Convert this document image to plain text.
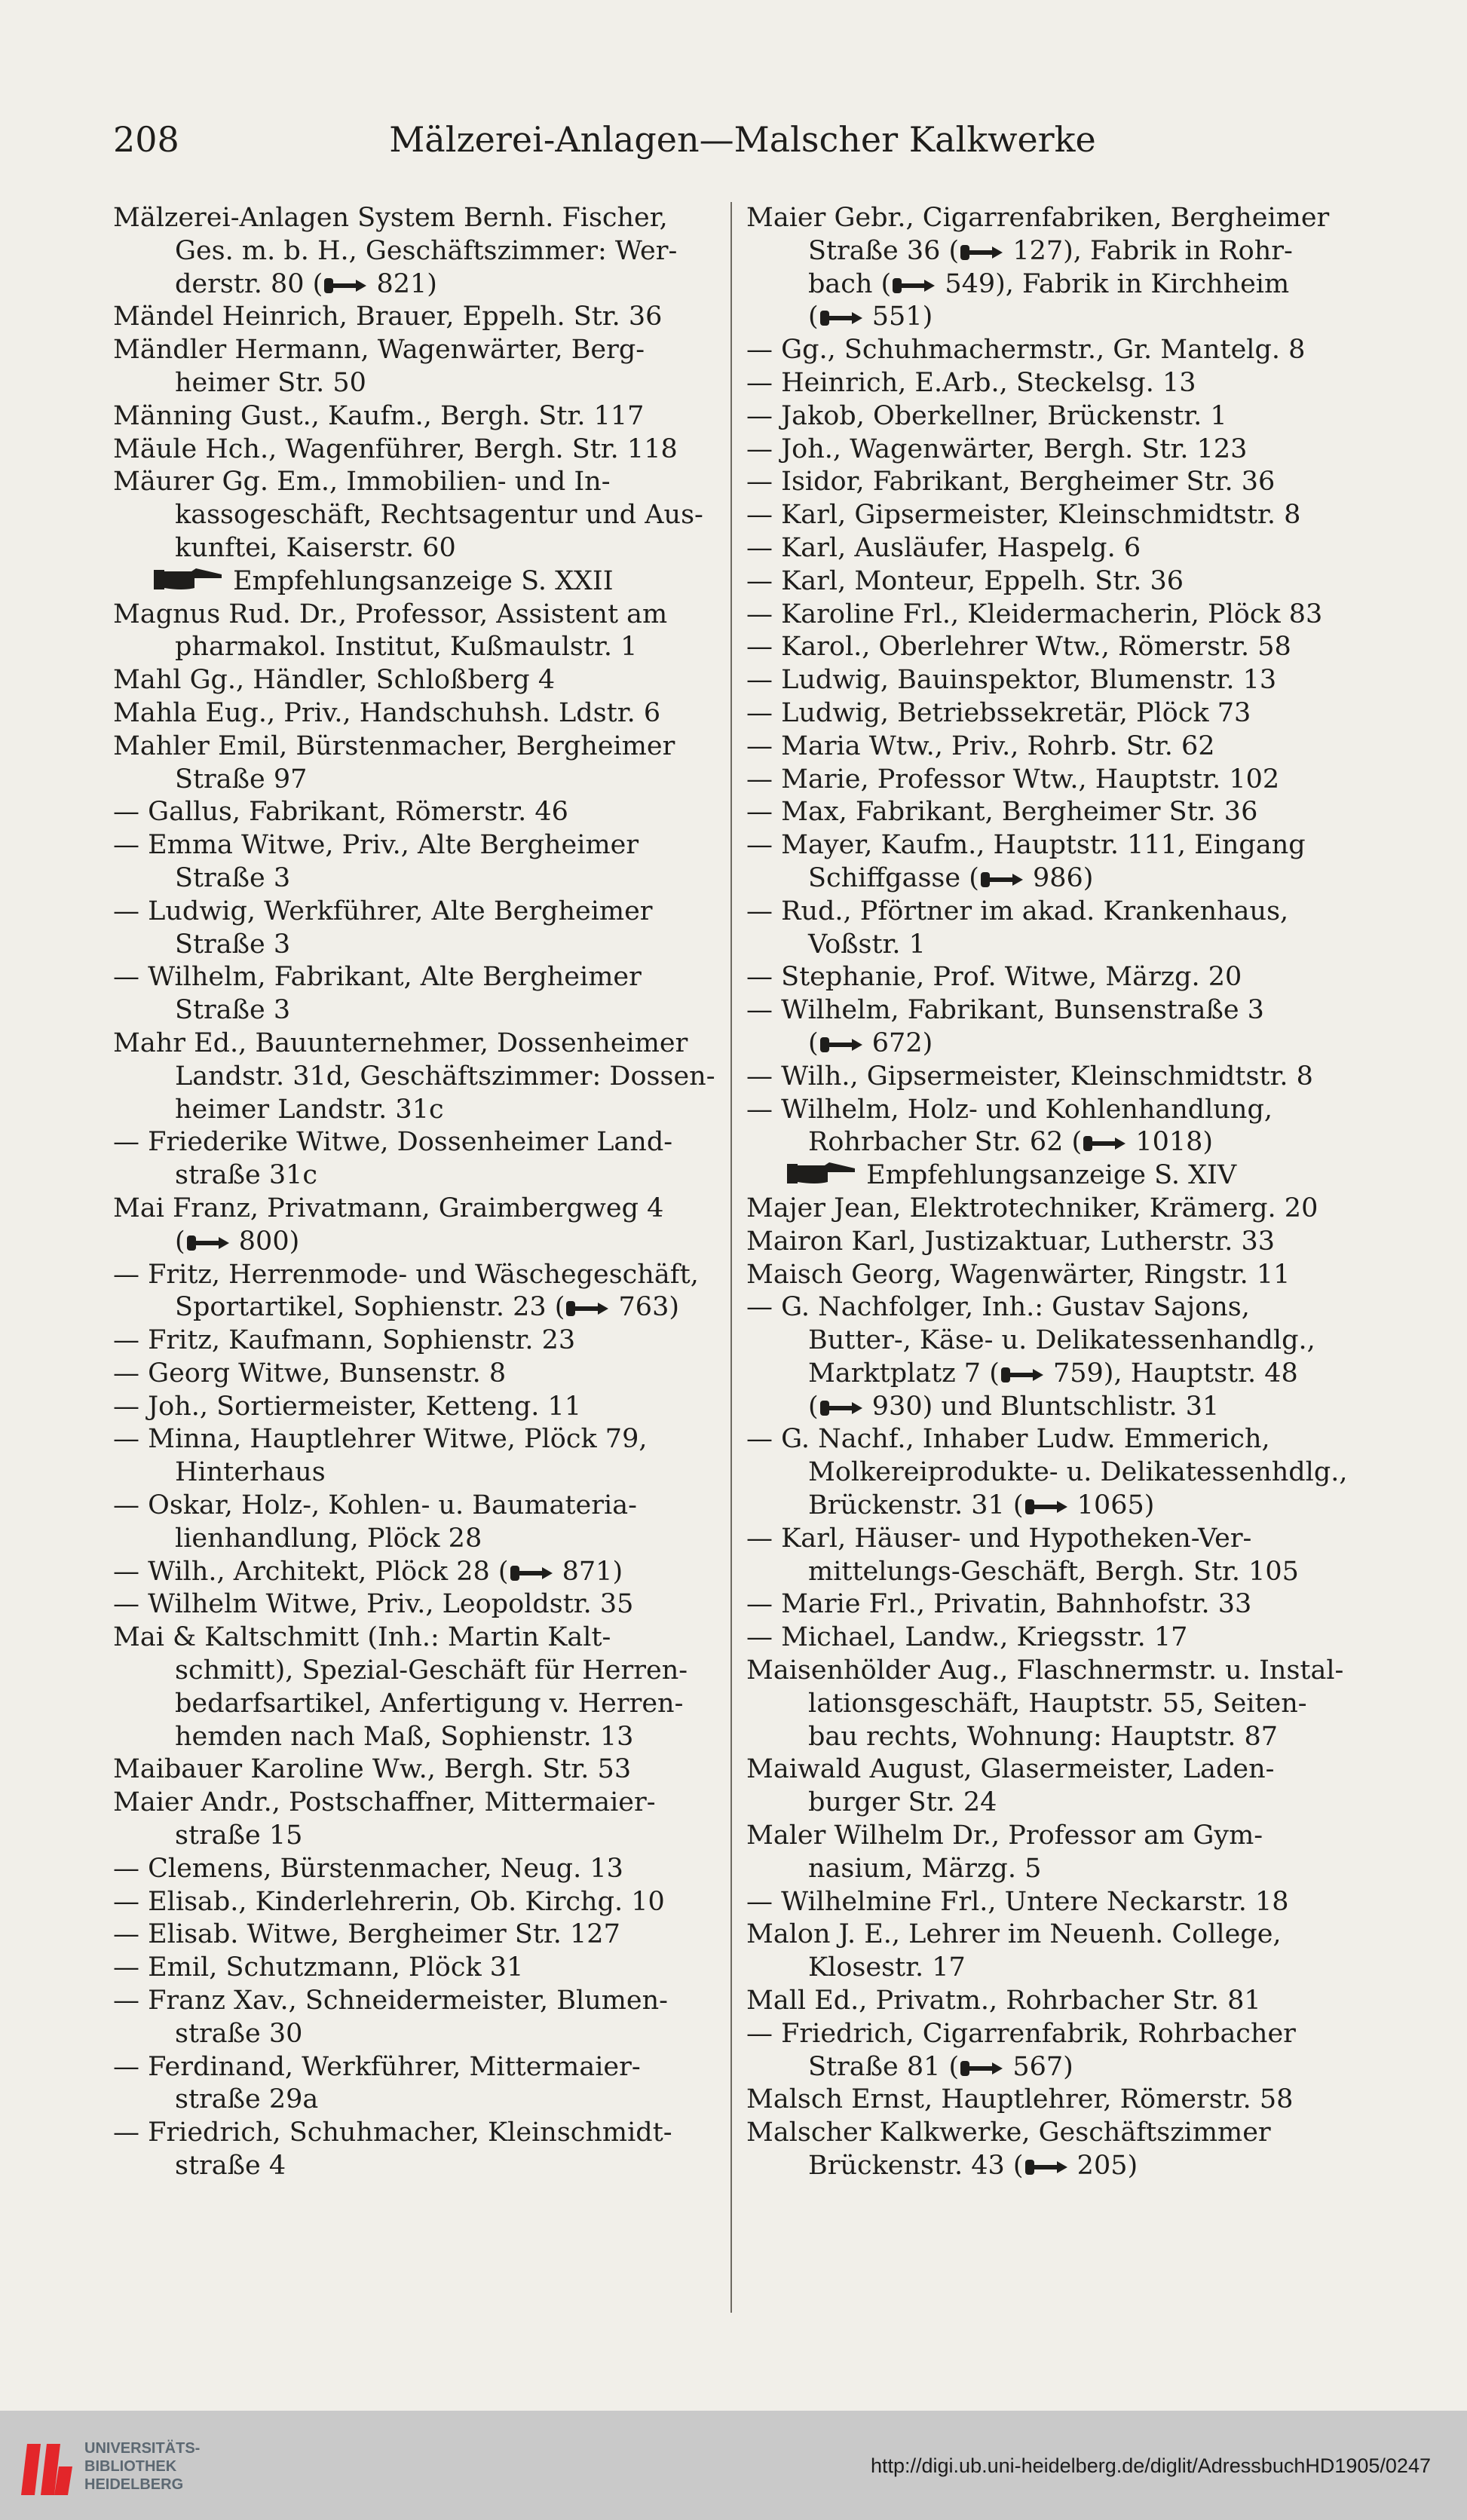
208	Mälzerei-Anlagen—Malscher Kalkwerke
Mälzerei-Anlagen System Bernh. Fischer,
Ges. m. b. H., Geschäftszimmer: Wer-
derstr. 80 ( 821)
Mändel Heinrich, Brauer, Eppelh. Str. 36
Mändler Hermann, Wagenwärter, Berg-
heimer Str. 50
Männing Gust., Kaufm., Bergh. Str. 117
Mäule Hch., Wagenführer, Bergh. Str. 118
Mäurer Gg. Em., Immobilien- und In-
kassogeschäft, Rechtsagentur und Aus-
kunftei, Kaiserstr. 60
Empfehlungsanzeige S. XXII
Magnus Rud. Dr., Professor, Assistent am
pharmakol. Institut, Kußmaulstr. 1
Mahl Gg., Händler, Schloßberg 4
Mahla Eug., Priv., Handschuhsh. Ldstr. 6
Mahler Emil, Bürstenmacher, Bergheimer
Straße 97
— Gallus, Fabrikant, Römerstr. 46
— Emma Witwe, Priv., Alte Bergheimer
Straße 3
— Ludwig, Werkführer, Alte Bergheimer
Straße 3
— Wilhelm, Fabrikant, Alte Bergheimer
Straße 3
Mahr Ed., Bauunternehmer, Dossenheimer
Landstr. 31d, Geschäftszimmer: Dossen-
heimer Landstr. 31c
— Friederike Witwe, Dossenheimer Land-
straße 31c
Mai Franz, Privatmann, Graimbergweg 4
( 800)
— Fritz, Herrenmode- und Wäschegeschäft,
Sportartikel, Sophienstr. 23 ( 763)
— Fritz, Kaufmann, Sophienstr. 23
— Georg Witwe, Bunsenstr. 8
— Joh., Sortiermeister, Ketteng. 11
— Minna, Hauptlehrer Witwe, Plöck 79,
Hinterhaus
— Oskar, Holz-, Kohlen- u. Baumateria-
lienhandlung, Plöck 28
— Wilh., Architekt, Plöck 28 ( 871)
— Wilhelm Witwe, Priv., Leopoldstr. 35
Mai & Kaltschmitt (Inh.: Martin Kalt-
schmitt), Spezial-Geschäft für Herren-
bedarfsartikel, Anfertigung v. Herren-
hemden nach Maß, Sophienstr. 13
Maibauer Karoline Ww., Bergh. Str. 53
Maier Andr., Postschaffner, Mittermaier-
straße 15
— Clemens, Bürstenmacher, Neug. 13
— Elisab., Kinderlehrerin, Ob. Kirchg. 10
— Elisab. Witwe, Bergheimer Str. 127
— Emil, Schutzmann, Plöck 31
— Franz Xav., Schneidermeister, Blumen-
straße 30
— Ferdinand, Werkführer, Mittermaier-
straße 29a
— Friedrich, Schuhmacher, Kleinschmidt-
straße 4
Maier Gebr., Cigarrenfabriken, Bergheimer
Straße 36 ( 127), Fabrik in Rohr-
bach ( 549), Fabrik in Kirchheim
( 551)
— Gg., Schuhmachermstr., Gr. Mantelg. 8
— Heinrich, E.Arb., Steckelsg. 13
— Jakob, Oberkellner, Brückenstr. 1
— Joh., Wagenwärter, Bergh. Str. 123
— Isidor, Fabrikant, Bergheimer Str. 36
— Karl, Gipsermeister, Kleinschmidtstr. 8
— Karl, Ausläufer, Haspelg. 6
— Karl, Monteur, Eppelh. Str. 36
— Karoline Frl., Kleidermacherin, Plöck 83
— Karol., Oberlehrer Wtw., Römerstr. 58
— Ludwig, Bauinspektor, Blumenstr. 13
— Ludwig, Betriebssekretär, Plöck 73
— Maria Wtw., Priv., Rohrb. Str. 62
— Marie, Professor Wtw., Hauptstr. 102
— Max, Fabrikant, Bergheimer Str. 36
— Mayer, Kaufm., Hauptstr. 111, Eingang
Schiffgasse ( 986)
— Rud., Pförtner im akad. Krankenhaus,
Voßstr. 1
— Stephanie, Prof. Witwe, Märzg. 20
— Wilhelm, Fabrikant, Bunsenstraße 3
( 672)
— Wilh., Gipsermeister, Kleinschmidtstr. 8
— Wilhelm, Holz- und Kohlenhandlung,
Rohrbacher Str. 62 ( 1018)
Empfehlungsanzeige S. XIV
Majer Jean, Elektrotechniker, Krämerg. 20
Mairon Karl, Justizaktuar, Lutherstr. 33
Maisch Georg, Wagenwärter, Ringstr. 11
— G. Nachfolger, Inh.: Gustav Sajons,
Butter-, Käse- u. Delikatessenhandlg.,
Marktplatz 7 ( 759), Hauptstr. 48
( 930) und Bluntschlistr. 31
— G. Nachf., Inhaber Ludw. Emmerich,
Molkereiprodukte- u. Delikatessenhdlg.,
Brückenstr. 31 ( 1065)
— Karl, Häuser- und Hypotheken-Ver-
mittelungs-Geschäft, Bergh. Str. 105
— Marie Frl., Privatin, Bahnhofstr. 33
— Michael, Landw., Kriegsstr. 17
Maisenhölder Aug., Flaschnermstr. u. Instal-
lationsgeschäft, Hauptstr. 55, Seiten-
bau rechts, Wohnung: Hauptstr. 87
Maiwald August, Glasermeister, Laden-
burger Str. 24
Maler Wilhelm Dr., Professor am Gym-
nasium, Märzg. 5
— Wilhelmine Frl., Untere Neckarstr. 18
Malon J. E., Lehrer im Neuenh. College,
Klosestr. 17
Mall Ed., Privatm., Rohrbacher Str. 81
— Friedrich, Cigarrenfabrik, Rohrbacher
Straße 81 ( 567)
Malsch Ernst, Hauptlehrer, Römerstr. 58
Malscher Kalkwerke, Geschäftszimmer
Brückenstr. 43 ( 205)
UNIVERSITÄTS-
BIBLIOTHEK
HEIDELBERG
http://digi.ub.uni-heidelberg.de/diglit/AdressbuchHD1905/0247
